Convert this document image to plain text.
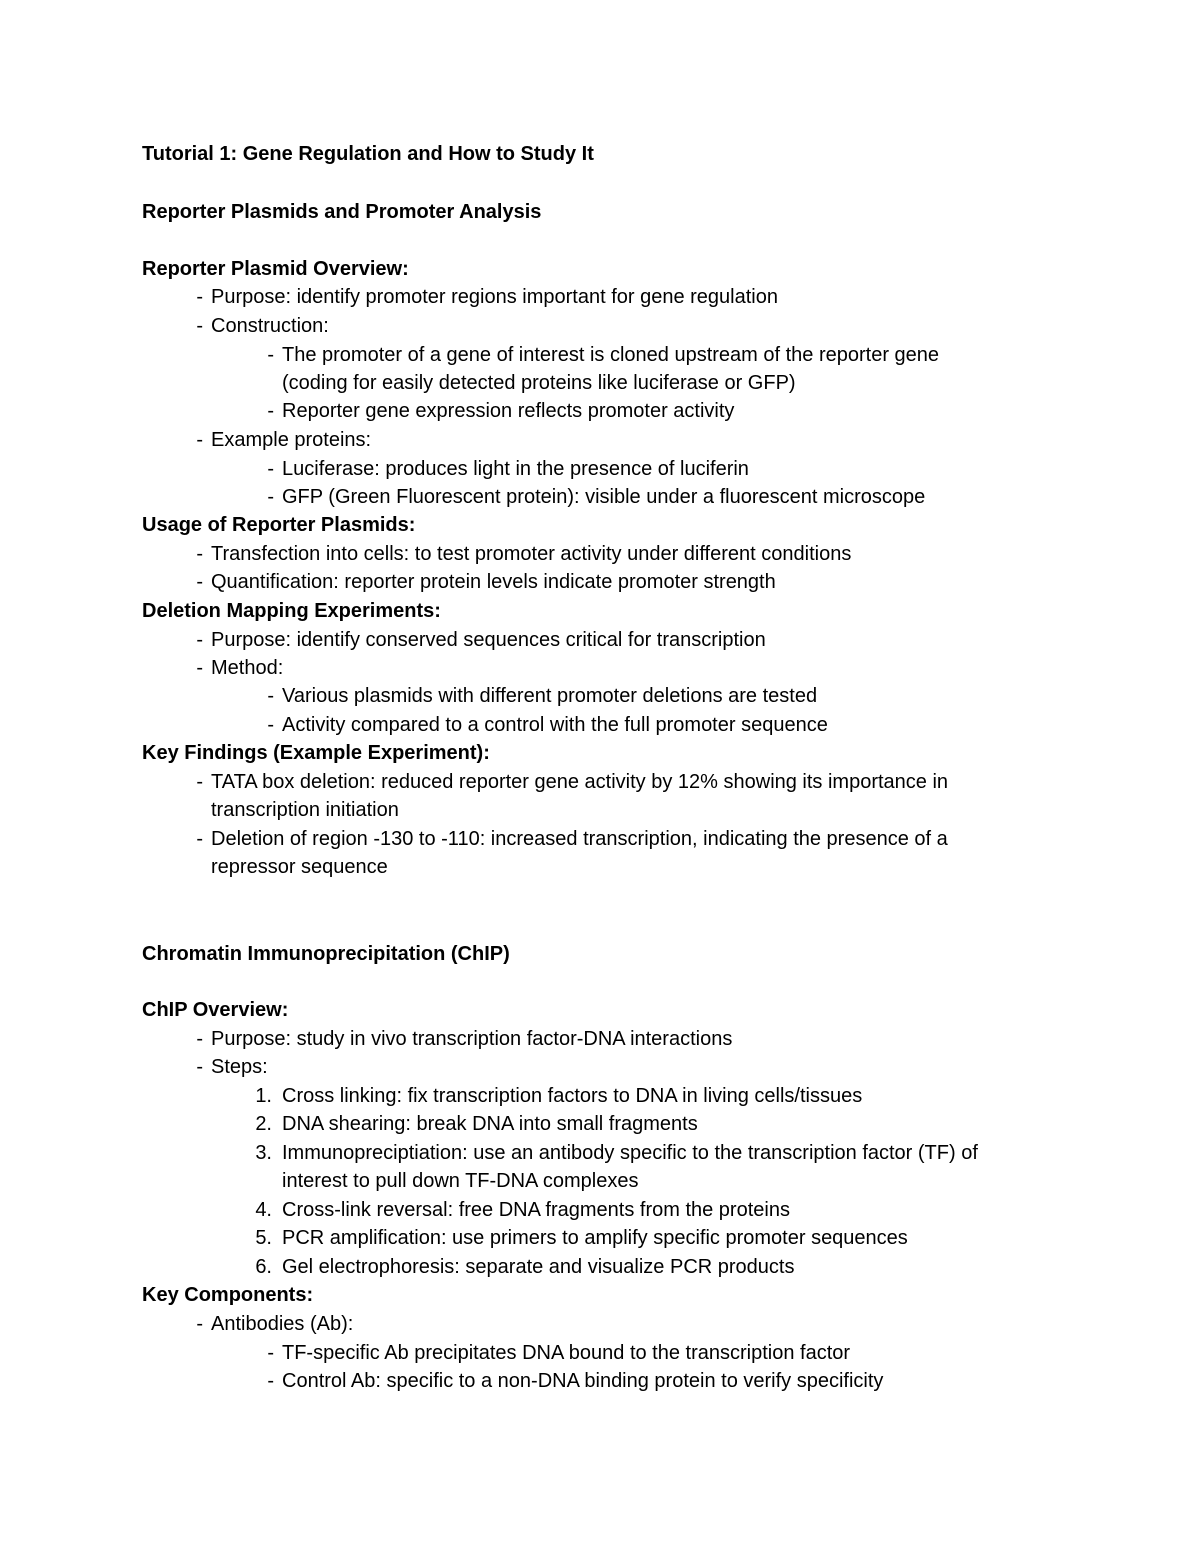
Tutorial 1: Gene Regulation and How to Study It
Reporter Plasmids and Promoter Analysis
Reporter Plasmid Overview:
- Purpose: identify promoter regions important for gene regulation
- Construction:
- The promoter of a gene of interest is cloned upstream of the reporter gene
(coding for easily detected proteins like luciferase or GFP)
- Reporter gene expression reflects promoter activity
- Example proteins:
- Luciferase: produces light in the presence of luciferin
- GFP (Green Fluorescent protein): visible under a fluorescent microscope
Usage of Reporter Plasmids:
- Transfection into cells: to test promoter activity under different conditions
- Quantification: reporter protein levels indicate promoter strength
Deletion Mapping Experiments:
- Purpose: identify conserved sequences critical for transcription
- Method:
- Various plasmids with different promoter deletions are tested
- Activity compared to a control with the full promoter sequence
Key Findings (Example Experiment):
- TATA box deletion: reduced reporter gene activity by 12% showing its importance in
transcription initiation
- Deletion of region -130 to -110: increased transcription, indicating the presence of a
repressor sequence
Chromatin Immunoprecipitation (ChIP)
ChIP Overview:
- Purpose: study in vivo transcription factor-DNA interactions
- Steps:
1. Cross linking: fix transcription factors to DNA in living cells/tissues
2. DNA shearing: break DNA into small fragments
3. Immunopreciptiation: use an antibody specific to the transcription factor (TF) of
interest to pull down TF-DNA complexes
4. Cross-link reversal: free DNA fragments from the proteins
5. PCR amplification: use primers to amplify specific promoter sequences
6. Gel electrophoresis: separate and visualize PCR products
Key Components:
- Antibodies (Ab):
- TF-specific Ab precipitates DNA bound to the transcription factor
- Control Ab: specific to a non-DNA binding protein to verify specificity
